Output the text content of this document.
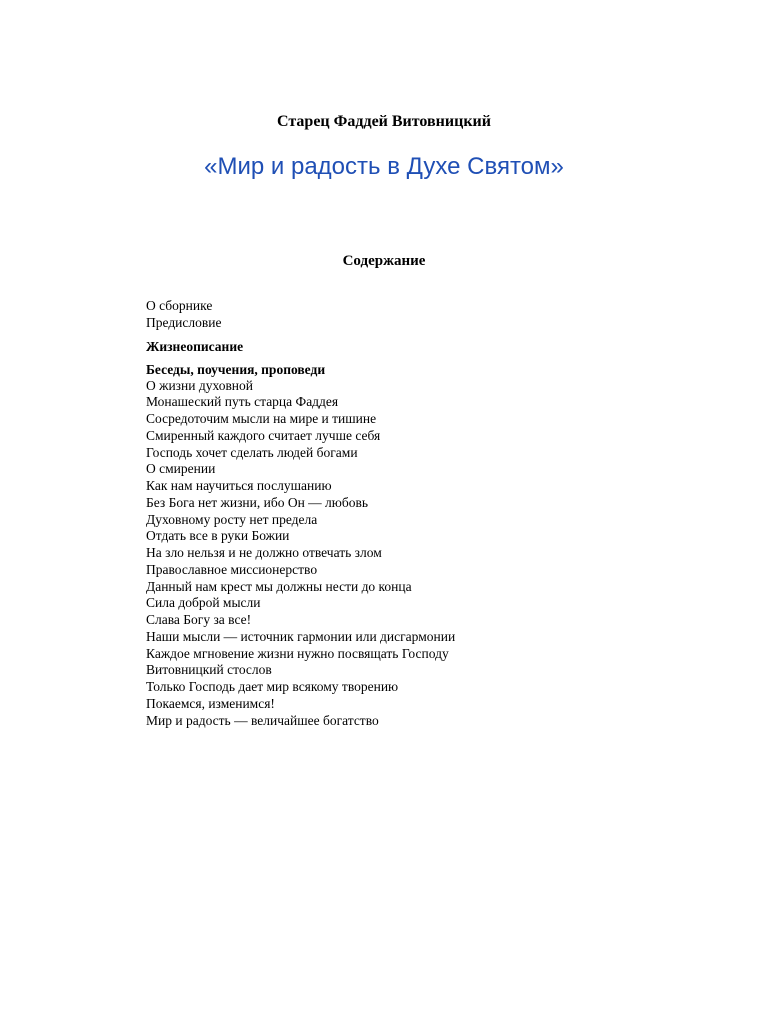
Старец Фаддей Витовницкий
«Мир и радость в Духе Святом»
Содержание
О сборнике
Предисловие
Жизнеописание
Беседы, поучения, проповеди
О жизни духовной
Монашеский путь старца Фаддея
Сосредоточим мысли на мире и тишине
Смиренный каждого считает лучше себя
Господь хочет сделать людей богами
О смирении
Как нам научиться послушанию
Без Бога нет жизни, ибо Он — любовь
Духовному росту нет предела
Отдать все в руки Божии
На зло нельзя и не должно отвечать злом
Православное миссионерство
Данный нам крест мы должны нести до конца
Сила доброй мысли
Слава Богу за все!
Наши мысли — источник гармонии или дисгармонии
Каждое мгновение жизни нужно посвящать Господу
Витовницкий стослов
Только Господь дает мир всякому творению
Покаемся, изменимся!
Мир и радость — величайшее богатство
